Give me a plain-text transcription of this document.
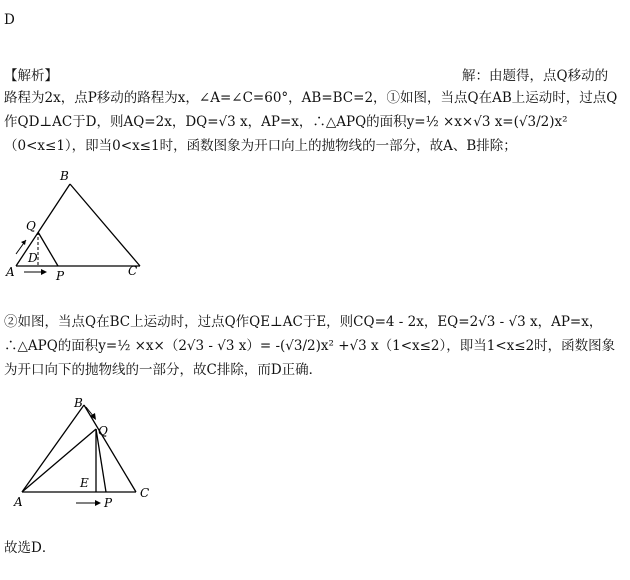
D
【解析】	解：由题得，点Q移动的
路程为2x，点P移动的路程为x，∠A=∠C=60°，AB=BC=2，①如图，当点Q在AB上运动时，过点Q作QD⊥AC于D，则AQ=2x，DQ=√3 x，AP=x，∴△APQ的面积y=½ ×x×√3 x=(√3/2)x²（0<x≤1），即当0<x≤1时，函数图象为开口向上的抛物线的一部分，故A、B排除；
B
Q
D
A	P	C
②如图，当点Q在BC上运动时，过点Q作QE⊥AC于E，则CQ=4 - 2x，EQ=2√3 - √3 x，AP=x，∴△APQ的面积y=½ ×x×（2√3 - √3 x）= -(√3/2)x² +√3 x（1<x≤2），即当1<x≤2时，函数图象为开口向下的抛物线的一部分，故C排除，而D正确．
B
Q
E
A	P
C
故选D．
